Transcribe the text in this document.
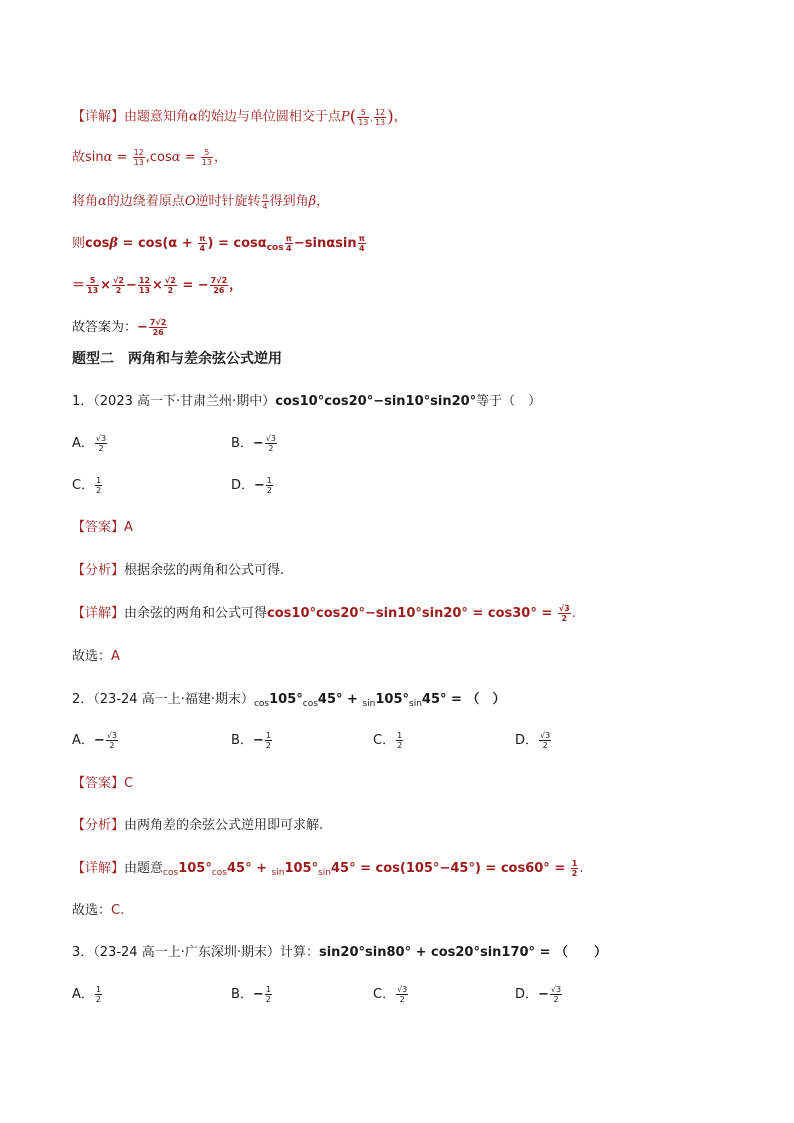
【详解】由题意知角α的始边与单位圆相交于点$P( \frac{5}{13}$ , $\frac{12}{13}$ )，
故$\sin\alpha = \frac{12}{13} ,\cos\alpha = \frac{5}{13}$ ，
将角α的边绕着原点O逆时针旋转 $\frac{\pi}{4}$ 得到角β，
则$\cos\beta = \cos(\alpha + \frac{\pi}{4}$ ) = $\cos\alpha_{cos} \frac{\pi}{4} -\sin\alpha\sin \frac{\pi}{4}$
＝ $\frac{5}{13} \times \frac{√2}{2} - \frac{12}{13} \times \frac{√2}{2}$ = − $\frac{7√2}{26}$ ，
故答案为：− $\frac{7√2}{26}$
题型二　两角和与差余弦公式逆用
1．（2023 高一下·甘肃兰州·期中）cos10°cos20°−sin10°sin20°等于（　）
A． $\frac{√3}{2}$	B．− $\frac{√3}{2}$
C． $\frac{1}{2}$	D．− $\frac{1}{2}$
【答案】A
【分析】根据余弦的两角和公式可得.
【详解】由余弦的两角和公式可得$\cos 10^\circ\cos 20^\circ-\sin 10^\circ\sin 20^\circ = \cos 30^\circ = \frac{√3}{2}$ .
故选：A
2．（23-24 高一上·福建·期末）$_{cos}105^\circ_{cos}45^\circ + _{sin}105^\circ_{sin}45^\circ$ = （　）
A．− $\frac{√3}{2}$	B．− $\frac{1}{2}$	C． $\frac{1}{2}$	D． $\frac{√3}{2}$
【答案】C
【分析】由两角差的余弦公式逆用即可求解.
【详解】由题意$_{cos}105^\circ_{cos}45^\circ + _{sin}105^\circ_{sin}45^\circ = \cos(105^\circ-45^\circ) = \cos 60^\circ = \frac{1}{2}$ .
故选：C.
3．（23-24 高一上·广东深圳·期末）计算：sin20°sin80° + cos20°sin170° = （　　）
A． $\frac{1}{2}$	B．− $\frac{1}{2}$	C． $\frac{√3}{2}$	D．− $\frac{√3}{2}$
